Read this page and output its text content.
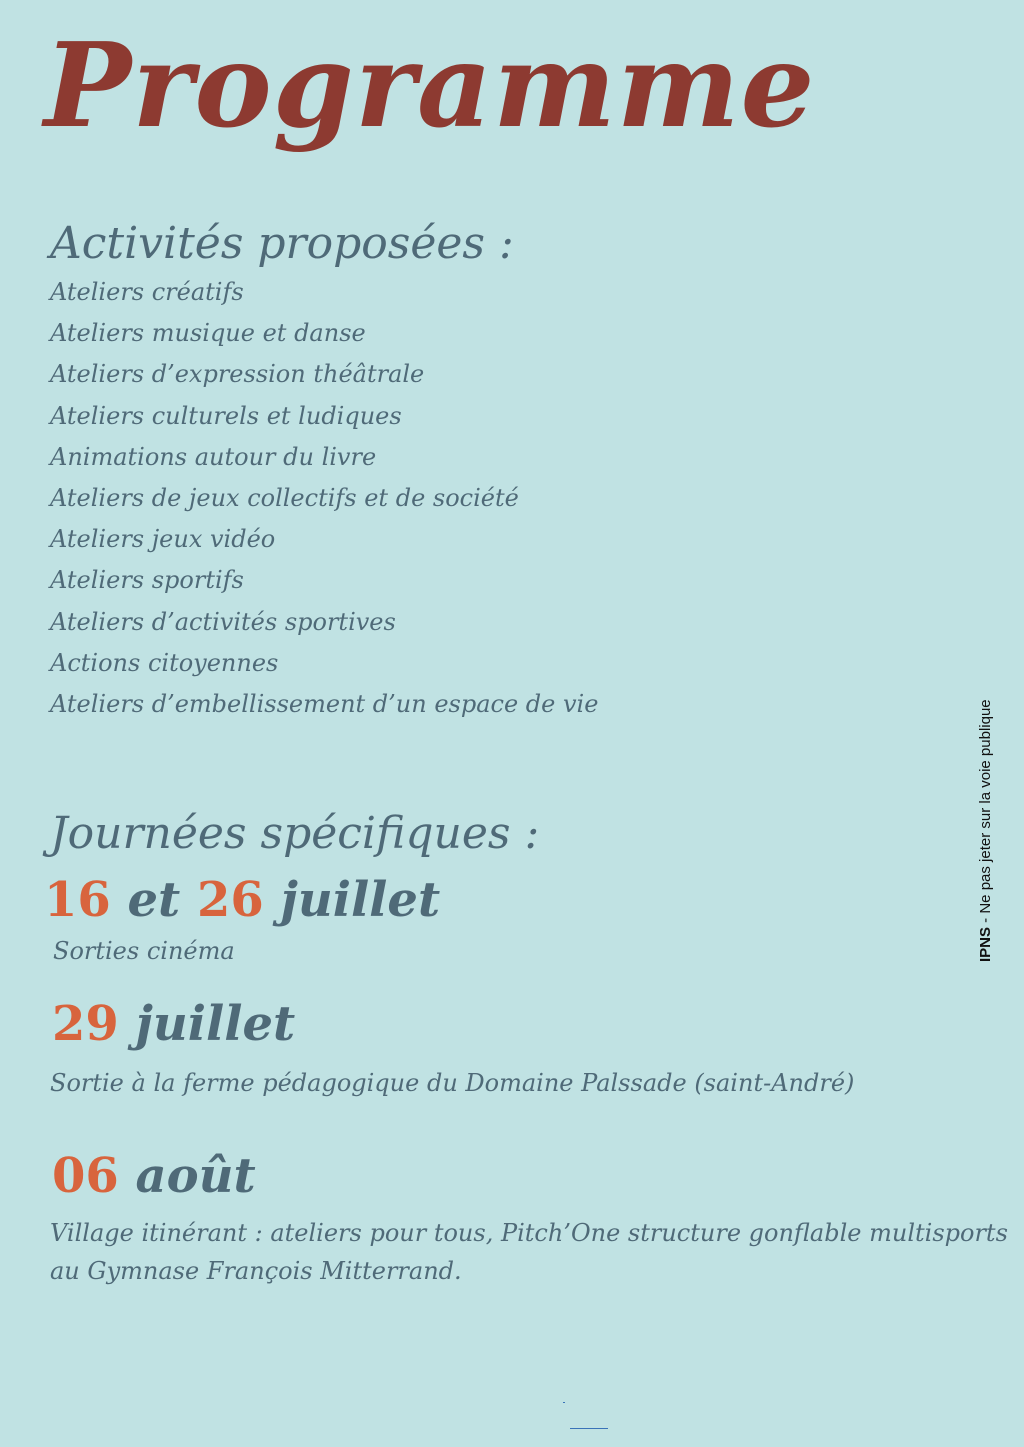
Programme
Activités proposées :
Ateliers créatifs
Ateliers musique et danse
Ateliers d’expression théâtrale
Ateliers culturels et ludiques
Animations autour du livre
Ateliers de jeux collectifs et de société
Ateliers jeux vidéo
Ateliers sportifs
Ateliers d’activités sportives
Actions citoyennes
Ateliers d’embellissement d’un espace de vie
Journées spécifiques :
16 et 26 juillet
Sorties cinéma
29 juillet
Sortie à la ferme pédagogique du Domaine Palssade (saint-André)
06 août
Village itinérant : ateliers pour tous, Pitch’One structure gonflable multisports
au Gymnase François Mitterrand.
IPNS - Ne pas jeter sur la voie publique
